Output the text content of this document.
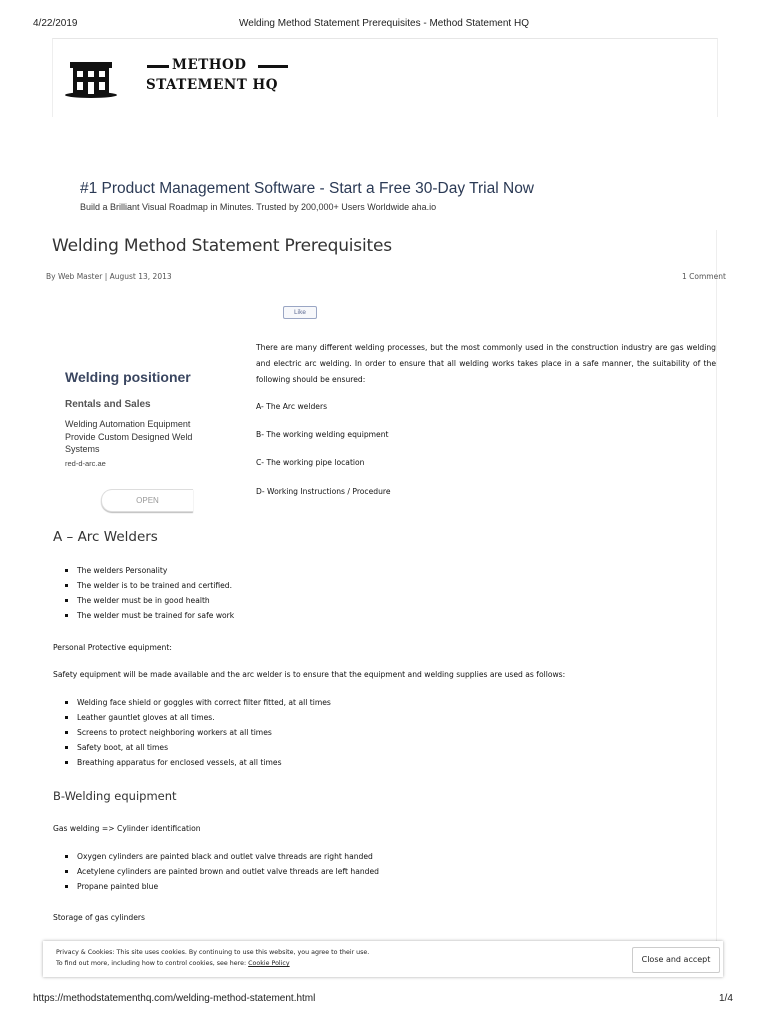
4/22/2019	Welding Method Statement Prerequisites - Method Statement HQ
METHOD
STATEMENT HQ
#1 Product Management Software - Start a Free 30-Day Trial Now
Build a Brilliant Visual Roadmap in Minutes. Trusted by 200,000+ Users Worldwide aha.io
Welding Method Statement Prerequisites
By Web Master | August 13, 2013	1 Comment
Like
Welding positioner
Rentals and Sales
Welding Automation Equipment Provide Custom Designed Weld Systems
red-d-arc.ae
OPEN
There are many different welding processes, but the most commonly used in the construction industry are gas welding and electric arc welding. In order to ensure that all welding works takes place in a safe manner, the suitability of the following should be ensured:
A- The Arc welders
B- The working welding equipment
C- The working pipe location
D- Working Instructions / Procedure
A – Arc Welders
The welders Personality
The welder is to be trained and certified.
The welder must be in good health
The welder must be trained for safe work
Personal Protective equipment:
Safety equipment will be made available and the arc welder is to ensure that the equipment and welding supplies are used as follows:
Welding face shield or goggles with correct filter fitted, at all times
Leather gauntlet gloves at all times.
Screens to protect neighboring workers at all times
Safety boot, at all times
Breathing apparatus for enclosed vessels, at all times
B-Welding equipment
Gas welding => Cylinder identification
Oxygen cylinders are painted black and outlet valve threads are right handed
Acetylene cylinders are painted brown and outlet valve threads are left handed
Propane painted blue
Storage of gas cylinders
Privacy & Cookies: This site uses cookies. By continuing to use this website, you agree to their use.
To find out more, including how to control cookies, see here: Cookie Policy	Close and accept
https://methodstatementhq.com/welding-method-statement.html	1/4
